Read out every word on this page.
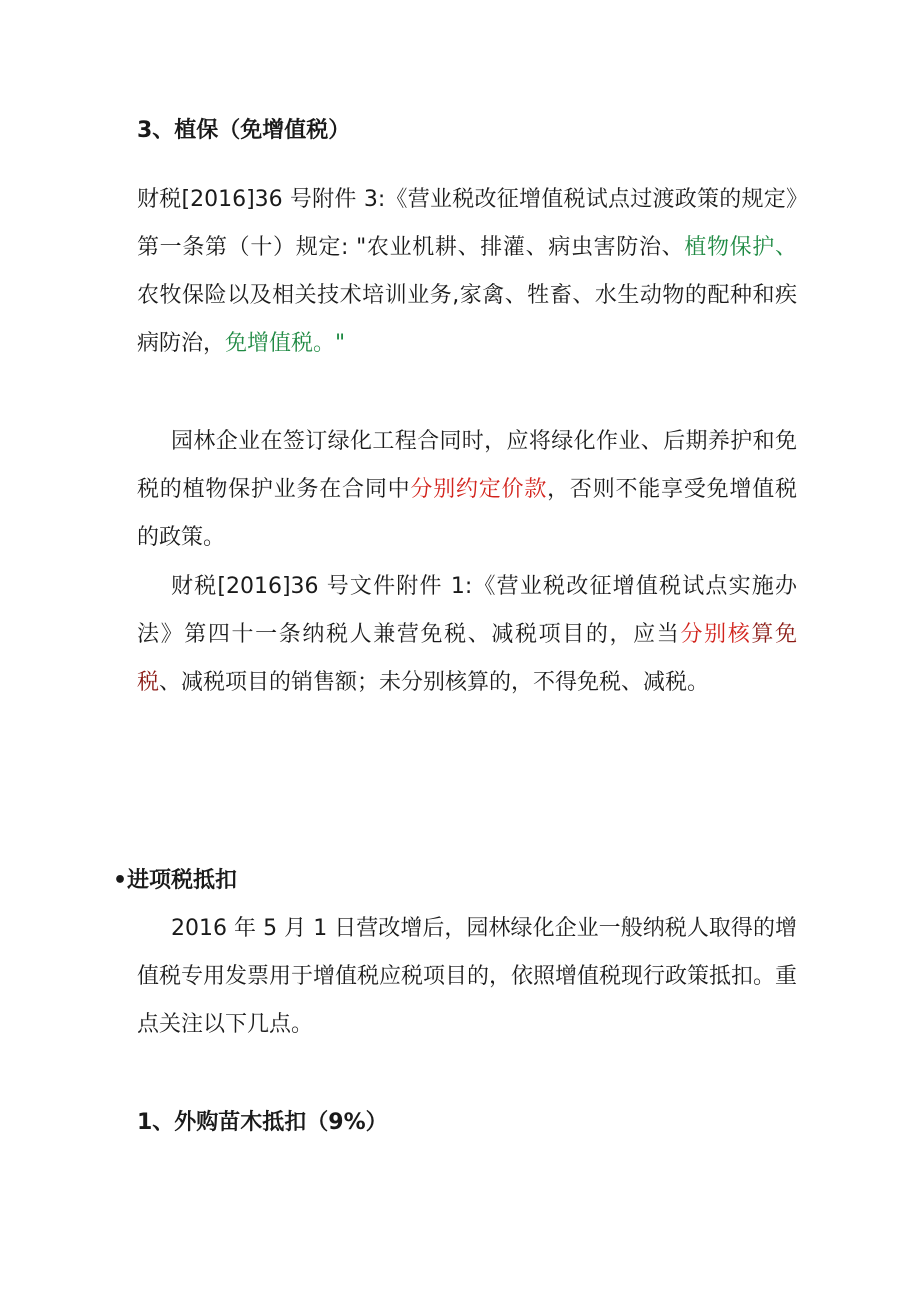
3、植保（免增值税）

财税[2016]36 号附件 3:《营业税改征增值税试点过渡政策的规定》第一条第（十）规定: "农业机耕、排灌、病虫害防治、植物保护、农牧保险以及相关技术培训业务,家禽、牲畜、水生动物的配种和疾病防治，免增值税。"

园林企业在签订绿化工程合同时，应将绿化作业、后期养护和免税的植物保护业务在合同中分别约定价款，否则不能享受免增值税的政策。

财税[2016]36 号文件附件 1:《营业税改征增值税试点实施办法》第四十一条纳税人兼营免税、减税项目的，应当分别核算免税、减税项目的销售额；未分别核算的，不得免税、减税。

•进项税抵扣

2016 年 5 月 1 日营改增后，园林绿化企业一般纳税人取得的增值税专用发票用于增值税应税项目的，依照增值税现行政策抵扣。重点关注以下几点。

1、外购苗木抵扣（9%）
